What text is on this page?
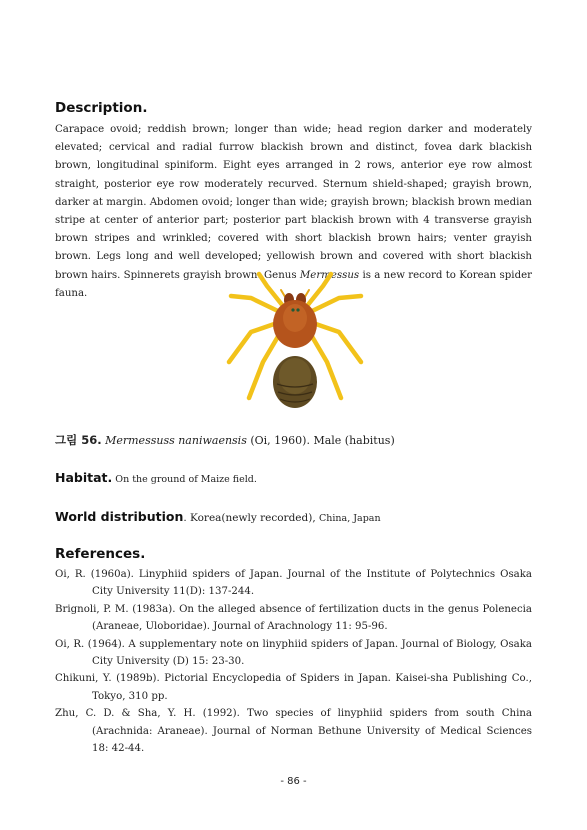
Description.

Carapace ovoid; reddish brown; longer than wide; head region darker and moderately elevated; cervical and radial furrow blackish brown and distinct, fovea dark blackish brown, longitudinal spiniform. Eight eyes arranged in 2 rows, anterior eye row almost straight, posterior eye row moderately recurved. Sternum shield-shaped; grayish brown, darker at margin. Abdomen ovoid; longer than wide; grayish brown; blackish brown median stripe at center of anterior part; posterior part blackish brown with 4 transverse grayish brown stripes and wrinkled; covered with short blackish brown hairs; venter grayish brown. Legs long and well developed; yellowish brown and covered with short blackish brown hairs. Spinnerets grayish brown. Genus Mermessus is a new record to Korean spider fauna.

그림 56. Mermessuss naniwaensis (Oi, 1960). Male (habitus)
Habitat. On the ground of Maize field.
World distribution. Korea(newly recorded), China, Japan
References.
Oi, R. (1960a). Linyphiid spiders of Japan. Journal of the Institute of Polytechnics Osaka City University 11(D): 137-244.
Brignoli, P. M. (1983a). On the alleged absence of fertilization ducts in the genus Polenecia (Araneae, Uloboridae). Journal of Arachnology 11: 95-96.
Oi, R. (1964). A supplementary note on linyphiid spiders of Japan. Journal of Biology, Osaka City University (D) 15: 23-30.
Chikuni, Y. (1989b). Pictorial Encyclopedia of Spiders in Japan. Kaisei-sha Publishing Co., Tokyo, 310 pp.
Zhu, C. D. & Sha, Y. H. (1992). Two species of linyphiid spiders from south China (Arachnida: Araneae). Journal of Norman Bethune University of Medical Sciences 18: 42-44.
- 86 -
